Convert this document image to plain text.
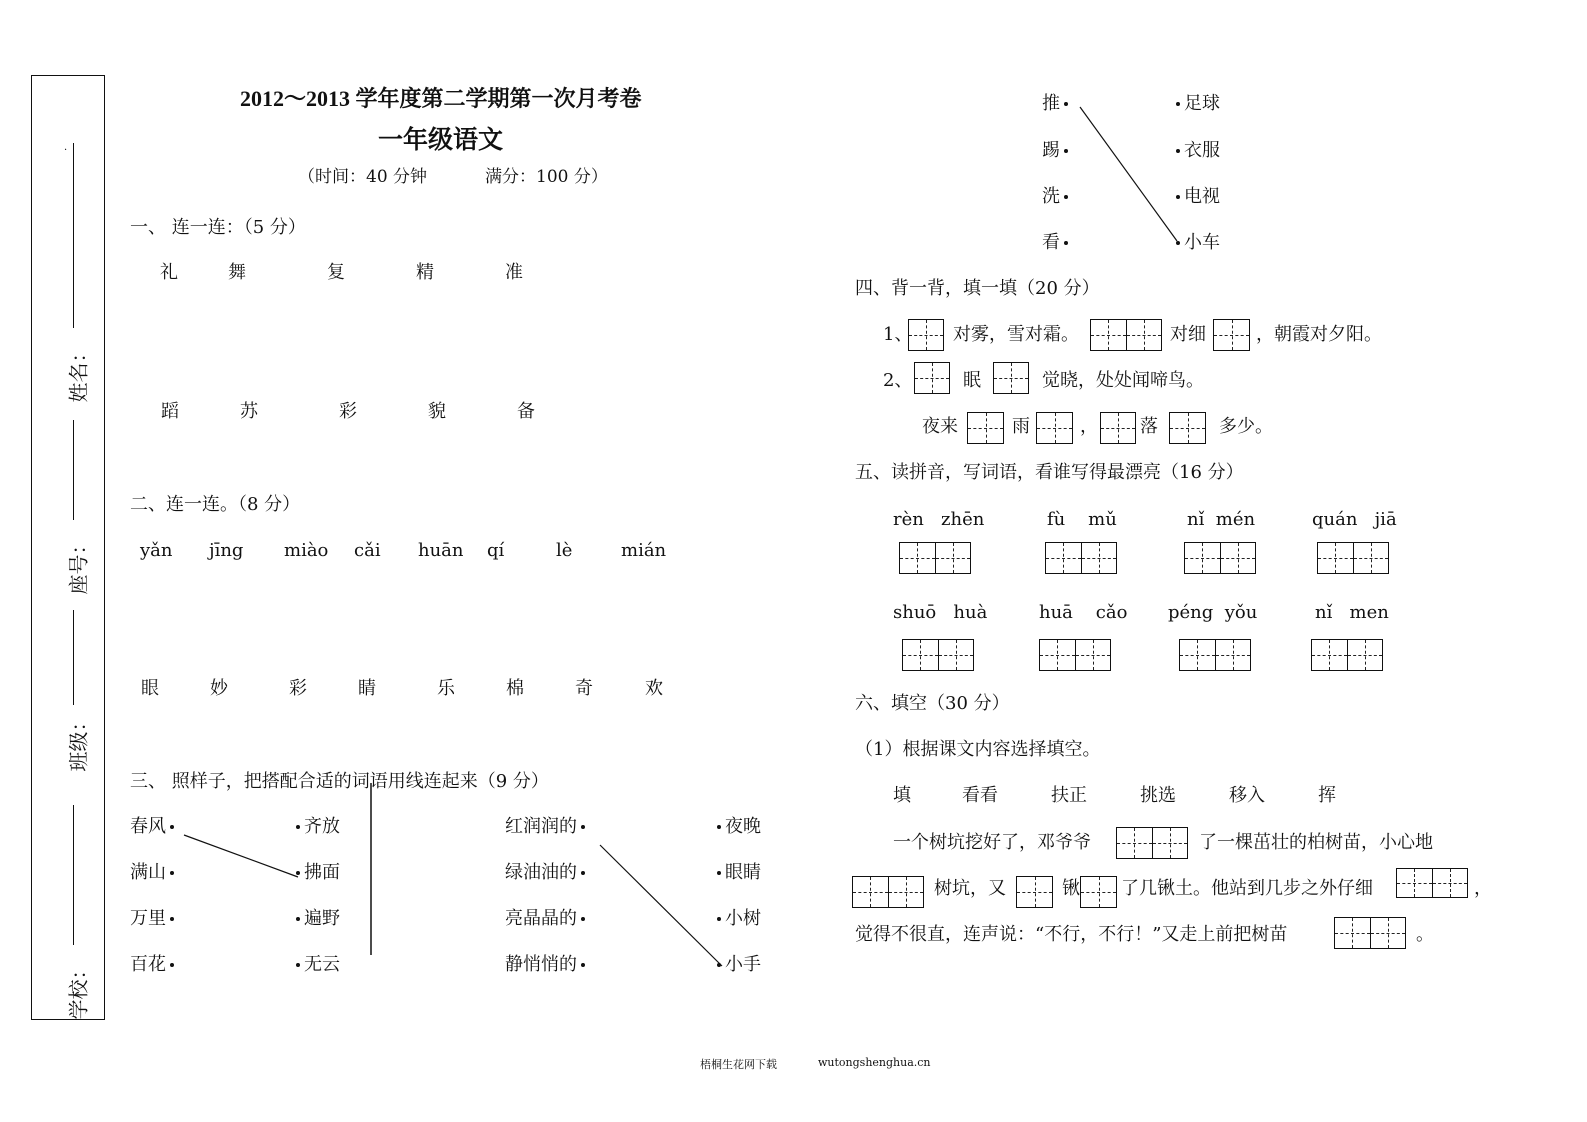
·
姓名：
座号：
班级：
学校：
2012～2013 学年度第二学期第一次月考卷
一年级语文
（时间：40 分钟	满分：100 分）
一、 连一连：（5 分）
礼	舞	复	精	准
蹈	苏	彩	貌	备
二、连一连。（8 分）
yǎn jīng miào cǎi huān qí	lè	mián
眼	妙	彩	睛	乐	棉	奇	欢
三、 照样子，把搭配合适的词语用线连起来（9 分）
春风
满山
万里
百花
齐放
拂面
遍野
无云
红润润的
绿油油的
亮晶晶的
静悄悄的
夜晚
眼睛
小树
小手
推
踢
洗
看
足球
衣服
电视
小车
四、背一背，填一填（20 分）
1、 对雾，雪对霜。	对细	，朝霞对夕阳。
2、	眠	觉晓，处处闻啼鸟。
夜来	雨	， 落	多少。
五、读拼音，写词语，看谁写得最漂亮（16 分）
rèn   zhēn	fù    mǔ	nǐ  mén	quán   jiā
shuō   huà	huā    cǎo péng  yǒu	nǐ   men
六、填空（30 分）
（1）根据课文内容选择填空。
填	看看	扶正	挑选	移入	挥
一个树坑挖好了，邓爷爷	了一棵茁壮的柏树苗，小心地
树坑，又	锹 了几锹土。他站到几步之外仔细	，
觉得不很直，连声说：“不行，不行！”又走上前把树苗	。
梧桐生花网下载	wutongshenghua.cn
